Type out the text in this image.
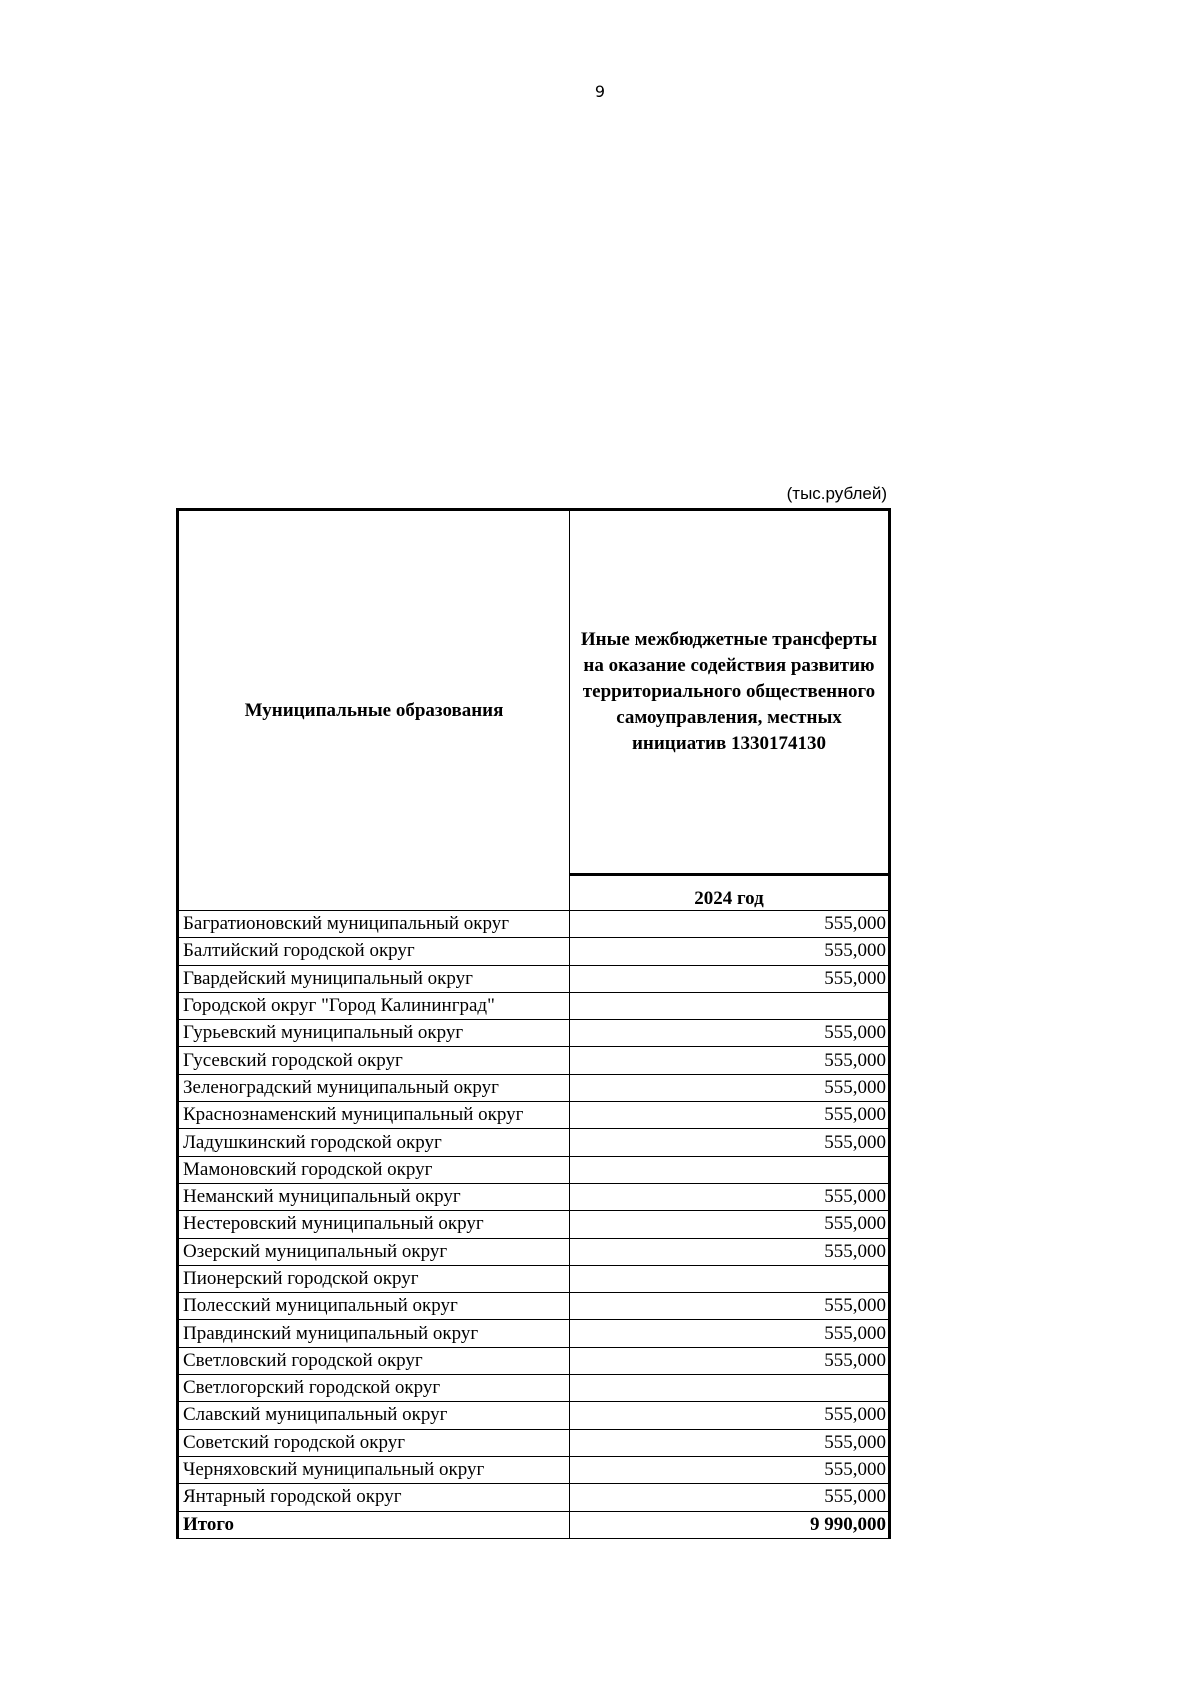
9
(тыс.рублей)
Муниципальные образования	Иные межбюджетные трансферты на оказание содействия развитию территориального общественного самоуправления, местных инициатив 1330174130
	2024 год
Багратионовский муниципальный округ	555,000
Балтийский городской округ	555,000
Гвардейский муниципальный округ	555,000
Городской округ "Город Калининград"	
Гурьевский муниципальный округ	555,000
Гусевский городской округ	555,000
Зеленоградский муниципальный округ	555,000
Краснознаменский муниципальный округ	555,000
Ладушкинский городской округ	555,000
Мамоновский городской округ	
Неманский муниципальный округ	555,000
Нестеровский муниципальный округ	555,000
Озерский муниципальный округ	555,000
Пионерский городской округ	
Полесский муниципальный округ	555,000
Правдинский муниципальный округ	555,000
Светловский городской округ	555,000
Светлогорский городской округ	
Славский муниципальный округ	555,000
Советский городской округ	555,000
Черняховский муниципальный округ	555,000
Янтарный городской округ	555,000
Итого	9 990,000
